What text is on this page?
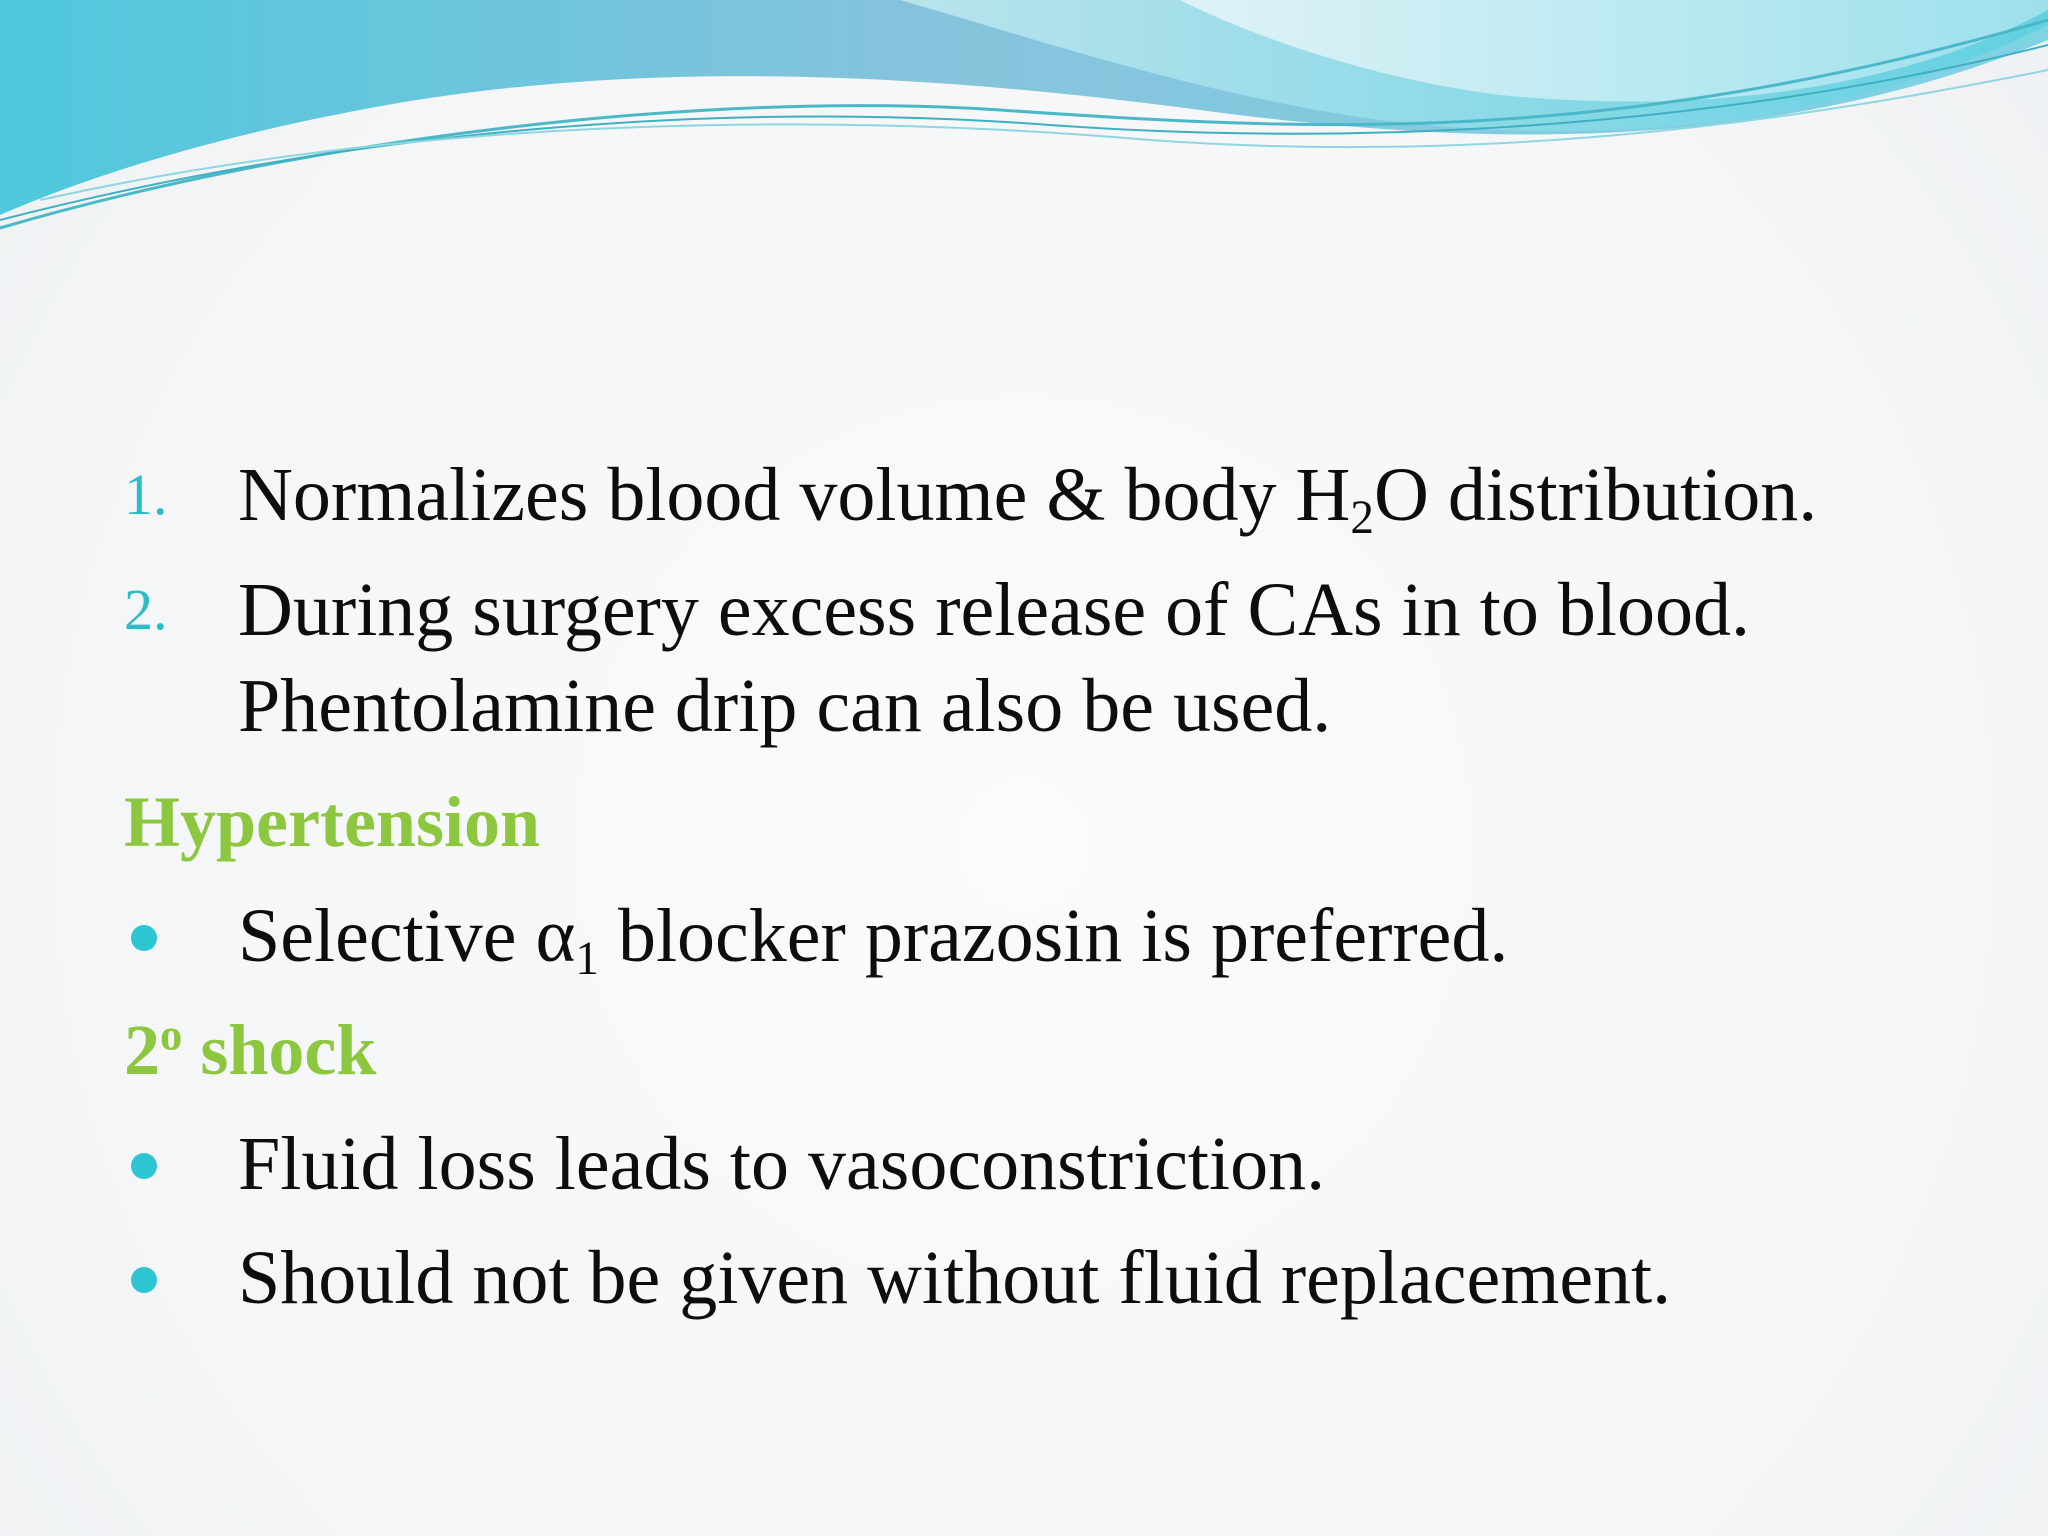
1. Normalizes blood volume & body $H_2O$ distribution.
2. During surgery excess release of CAs in to blood.
Phentolamine drip can also be used.
Hypertension
Selective $\alpha_1$ blocker prazosin is preferred.
2$^o$ shock
Fluid loss leads to vasoconstriction.
Should not be given without fluid replacement.
